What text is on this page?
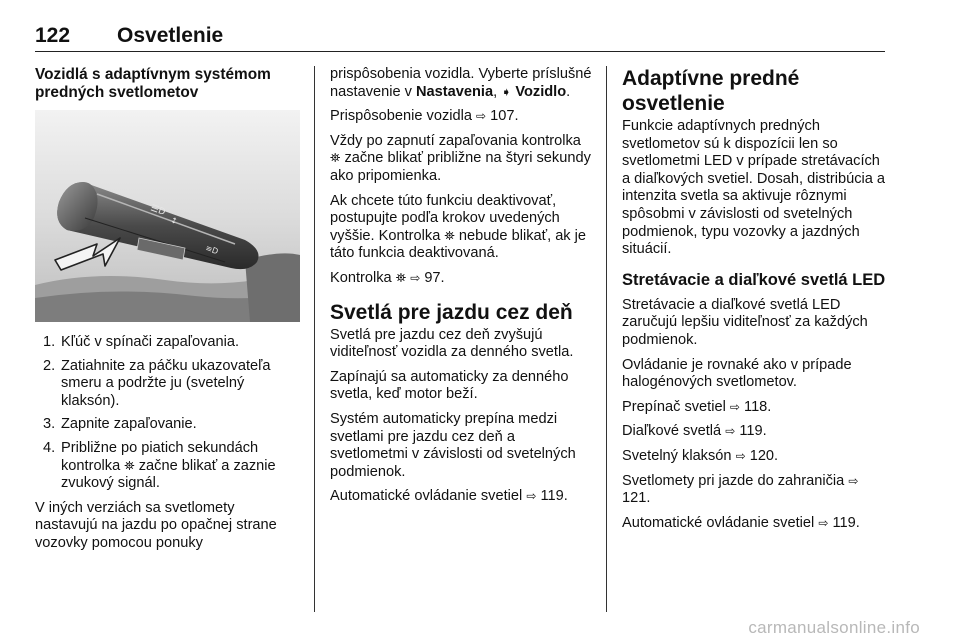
122 Osvetlenie
Vozidlá s adaptívnym systémom predných svetlometov
☰D
↕
≡D
1. Kľúč v spínači zapaľovania.
2. Zatiahnite za páčku ukazovateľa smeru a podržte ju (svetelný klaksón).
3. Zapnite zapaľovanie.
4. Približne po piatich sekundách kontrolka ⛯ začne blikať a zaznie zvukový signál.

V iných verziách sa svetlomety nastavujú na jazdu po opačnej strane vozovky pomocou ponuky

prispôsobenia vozidla. Vyberte príslušné nastavenie v Nastavenia, ➧ Vozidlo.

Prispôsobenie vozidla ⇨ 107.

Vždy po zapnutí zapaľovania kontrolka ⛯ začne blikať približne na štyri sekundy ako pripomienka.

Ak chcete túto funkciu deaktivovať, postupujte podľa krokov uvedených vyššie. Kontrolka ⛯ nebude blikať, ak je táto funkcia deaktivovaná.

Kontrolka ⛯ ⇨ 97.

Svetlá pre jazdu cez deň

Svetlá pre jazdu cez deň zvyšujú viditeľnosť vozidla za denného svetla.

Zapínajú sa automaticky za denného svetla, keď motor beží.

Systém automaticky prepína medzi svetlami pre jazdu cez deň a svetlometmi v závislosti od svetelných podmienok.

Automatické ovládanie svetiel ⇨ 119.

Adaptívne predné osvetlenie

Funkcie adaptívnych predných svetlometov sú k dispozícii len so svetlometmi LED v prípade stretávacích a diaľkových svetiel. Dosah, distribúcia a intenzita svetla sa aktivuje rôznymi spôsobmi v závislosti od svetelných podmienok, typu vozovky a jazdných situácií.

Stretávacie a diaľkové svetlá LED

Stretávacie a diaľkové svetlá LED zaručujú lepšiu viditeľnosť za každých podmienok.

Ovládanie je rovnaké ako v prípade halogénových svetlometov.

Prepínač svetiel ⇨ 118.

Diaľkové svetlá ⇨ 119.

Svetelný klaksón ⇨ 120.

Svetlomety pri jazde do zahraničia ⇨ 121.

Automatické ovládanie svetiel ⇨ 119.

carmanualsonline.info
